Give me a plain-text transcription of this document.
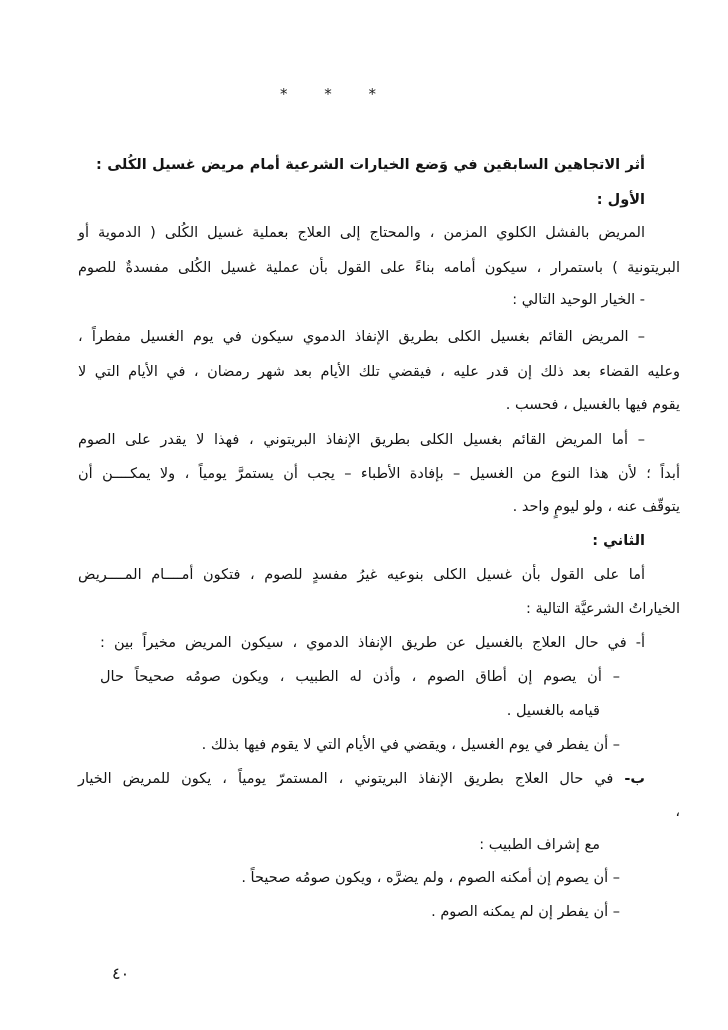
* * *
أثر الاتجاهين السابقين في وَضع الخيارات الشرعية أمام مريض غسيل الكُلى :
الأول :
المريض بالفشل الكلوي المزمن ، والمحتاج إلى العلاج بعملية غسيل الكُلى ( الدموية أو
البريتونية ) باستمرار ، سيكون أمامه بناءً على القول بأن عملية غسيل الكُلى مفسدةٌ للصوم
- الخيار الوحيد التالي :
– المريض القائم بغسيل الكلى بطريق الإنفاذ الدموي سيكون في يوم الغسيل مفطراً ،
وعليه القضاء بعد ذلك إن قدر عليه ، فيقضي تلك الأيام بعد شهر رمضان ، في الأيام التي لا
يقوم فيها بالغسيل ، فحسب .
– أما المريض القائم بغسيل الكلى بطريق الإنفاذ البريتوني ، فهذا لا يقدر على الصوم
أبداً ؛ لأن هذا النوع من الغسيل – بإفادة الأطباء – يجب أن يستمرَّ يومياً ، ولا يمكــــن أن
يتوقّف عنه ، ولو ليومٍ واحد .
الثاني :
أما على القول بأن غسيل الكلى بنوعيه غيرُ مفسدٍ للصوم ، فتكون أمــــام المــــريض
الخياراتُ الشرعيَّة التالية :
أ- في حال العلاج بالغسيل عن طريق الإنفاذ الدموي ، سيكون المريض مخيراً بين :
– أن يصوم إن أطاق الصوم ، وأذن له الطبيب ، ويكون صومُه صحيحاً حال
قيامه بالغسيل .
– أن يفطر في يوم الغسيل ، ويقضي في الأيام التي لا يقوم فيها بذلك .
ب- في حال العلاج بطريق الإنفاذ البريتوني ، المستمرّ يومياً ، يكون للمريض الخيار
،
مع إشراف الطبيب :
– أن يصوم إن أمكنه الصوم ، ولم يضرَّه ، ويكون صومُه صحيحاً .
– أن يفطر إن لم يمكنه الصوم .
٤٠
